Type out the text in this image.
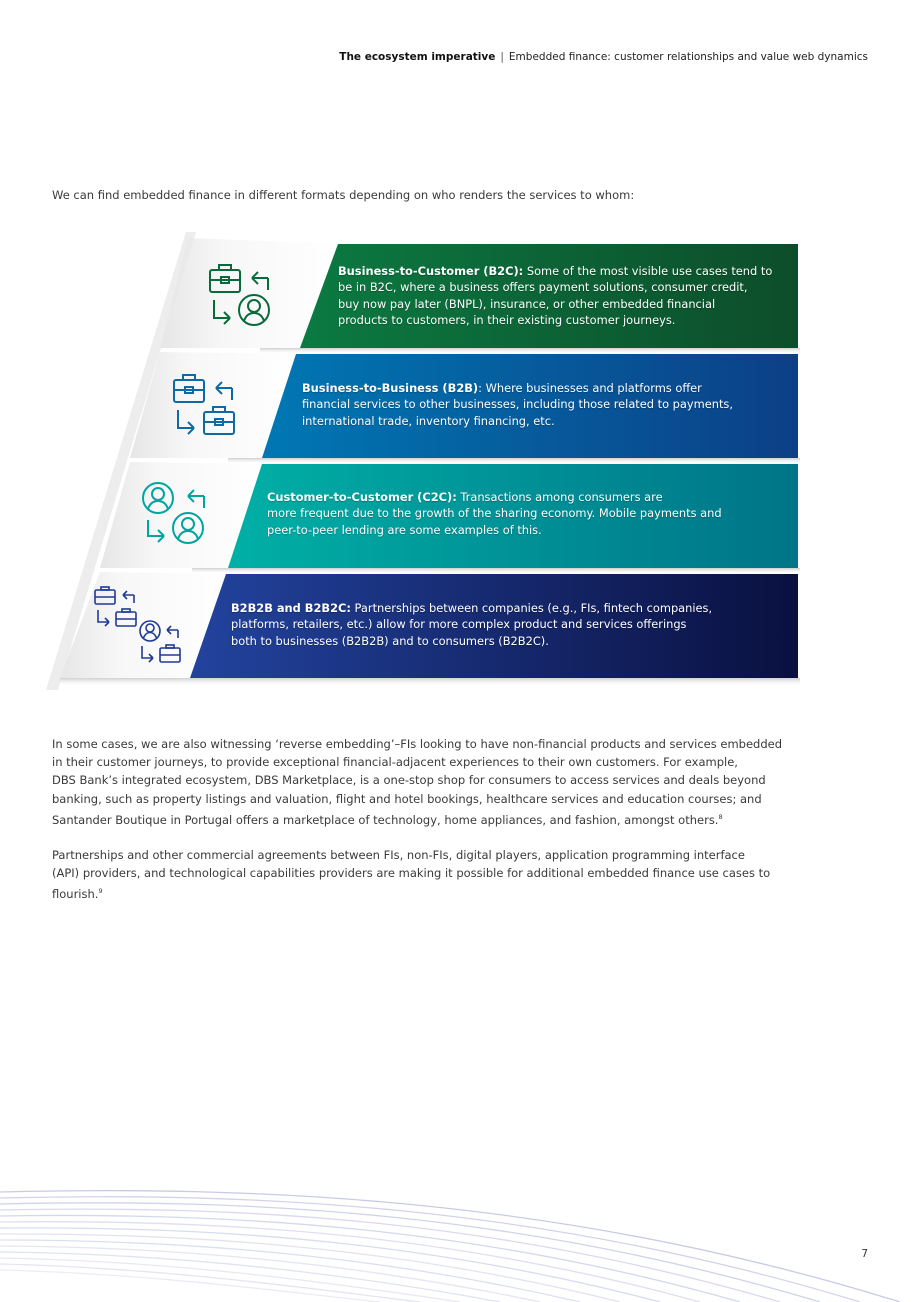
The ecosystem imperative | Embedded finance: customer relationships and value web dynamics
We can find embedded finance in different formats depending on who renders the services to whom:
Business-to-Customer (B2C): Some of the most visible use cases tend to
be in B2C, where a business offers payment solutions, consumer credit,
buy now pay later (BNPL), insurance, or other embedded financial
products to customers, in their existing customer journeys.
Business-to-Business (B2B): Where businesses and platforms offer
financial services to other businesses, including those related to payments,
international trade, inventory financing, etc.
Customer-to-Customer (C2C): Transactions among consumers are
more frequent due to the growth of the sharing economy. Mobile payments and
peer-to-peer lending are some examples of this.
B2B2B and B2B2C: Partnerships between companies (e.g., FIs, fintech companies,
platforms, retailers, etc.) allow for more complex product and services offerings
both to businesses (B2B2B) and to consumers (B2B2C).
In some cases, we are also witnessing ‘reverse embedding’–FIs looking to have non-financial products and services embedded
in their customer journeys, to provide exceptional financial-adjacent experiences to their own customers. For example,
DBS Bank’s integrated ecosystem, DBS Marketplace, is a one-stop shop for consumers to access services and deals beyond
banking, such as property listings and valuation, flight and hotel bookings, healthcare services and education courses; and
Santander Boutique in Portugal offers a marketplace of technology, home appliances, and fashion, amongst others.$^8$
Partnerships and other commercial agreements between FIs, non-FIs, digital players, application programming interface
(API) providers, and technological capabilities providers are making it possible for additional embedded finance use cases to
flourish.$^9$
7
